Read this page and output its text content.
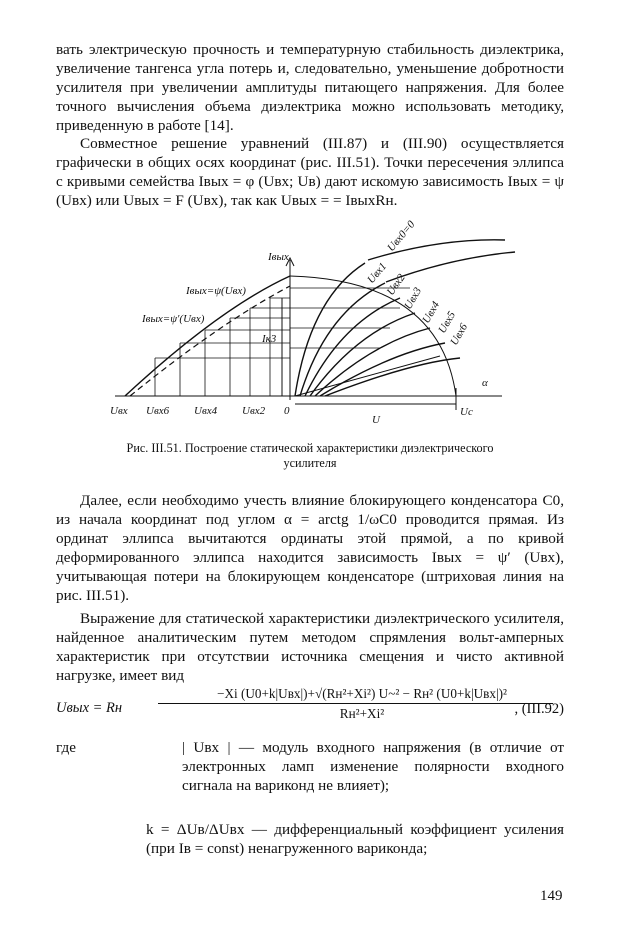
вать электрическую прочность и температурную стабильность диэлектрика, увеличение тангенса угла потерь и, следовательно, уменьшение добротности усилителя при увеличении амплитуды питающего напряжения. Для более точного вычисления объема диэлектрика можно использовать методику, приведенную в работе [14].
Совместное решение уравнений (III.87) и (III.90) осуществляется графически в общих осях координат (рис. III.51). Точки пересечения эллипса с кривыми семейства Iвых = φ (Uвх; Uв) дают искомую зависимость Iвых = ψ (Uвх) или Uвых = F (Uвх), так как Uвых = = IвыхRн.
Iвых
0
U
Uc
α
Iк3
Iвых=ψ(Uвх)
Iвых=ψ′(Uвх)
Uвх Uвх6 Uвх4 Uвх2
Uвх0=0
Uвх1
Uвх2
Uвх3
Uвх4
Uвх5
Uвх6
Рис. III.51. Построение статической характеристики диэлектрического усилителя
Далее, если необходимо учесть влияние блокирующего конденсатора C0, из начала координат под углом α = arctg 1/ωC0 проводится прямая. Из ординат эллипса вычитаются ординаты этой прямой, а по кривой деформированного эллипса находится зависимость Iвых = ψ′ (Uвх), учитывающая потери на блокирующем конденсаторе (штриховая линия на рис. III.51).
Выражение для статической характеристики диэлектрического усилителя, найденное аналитическим путем методом спрямления вольт-амперных характеристик при отсутствии источника смещения и чисто активной нагрузке, имеет вид
Uвых = Rн
−Xi (U0+k|Uвх|)+√(Rн²+Xi²) U~² − Rн² (U0+k|Uвх|)²
Rн²+Xi²	, (III.92)
где	| Uвх | — модуль входного напряжения (в отличие от электронных ламп изменение полярности входного сигнала на вариконд не влияет);
k = ΔUв/ΔUвх — дифференциальный коэффициент усиления (при Iв = const) ненагруженного вариконда;
149
